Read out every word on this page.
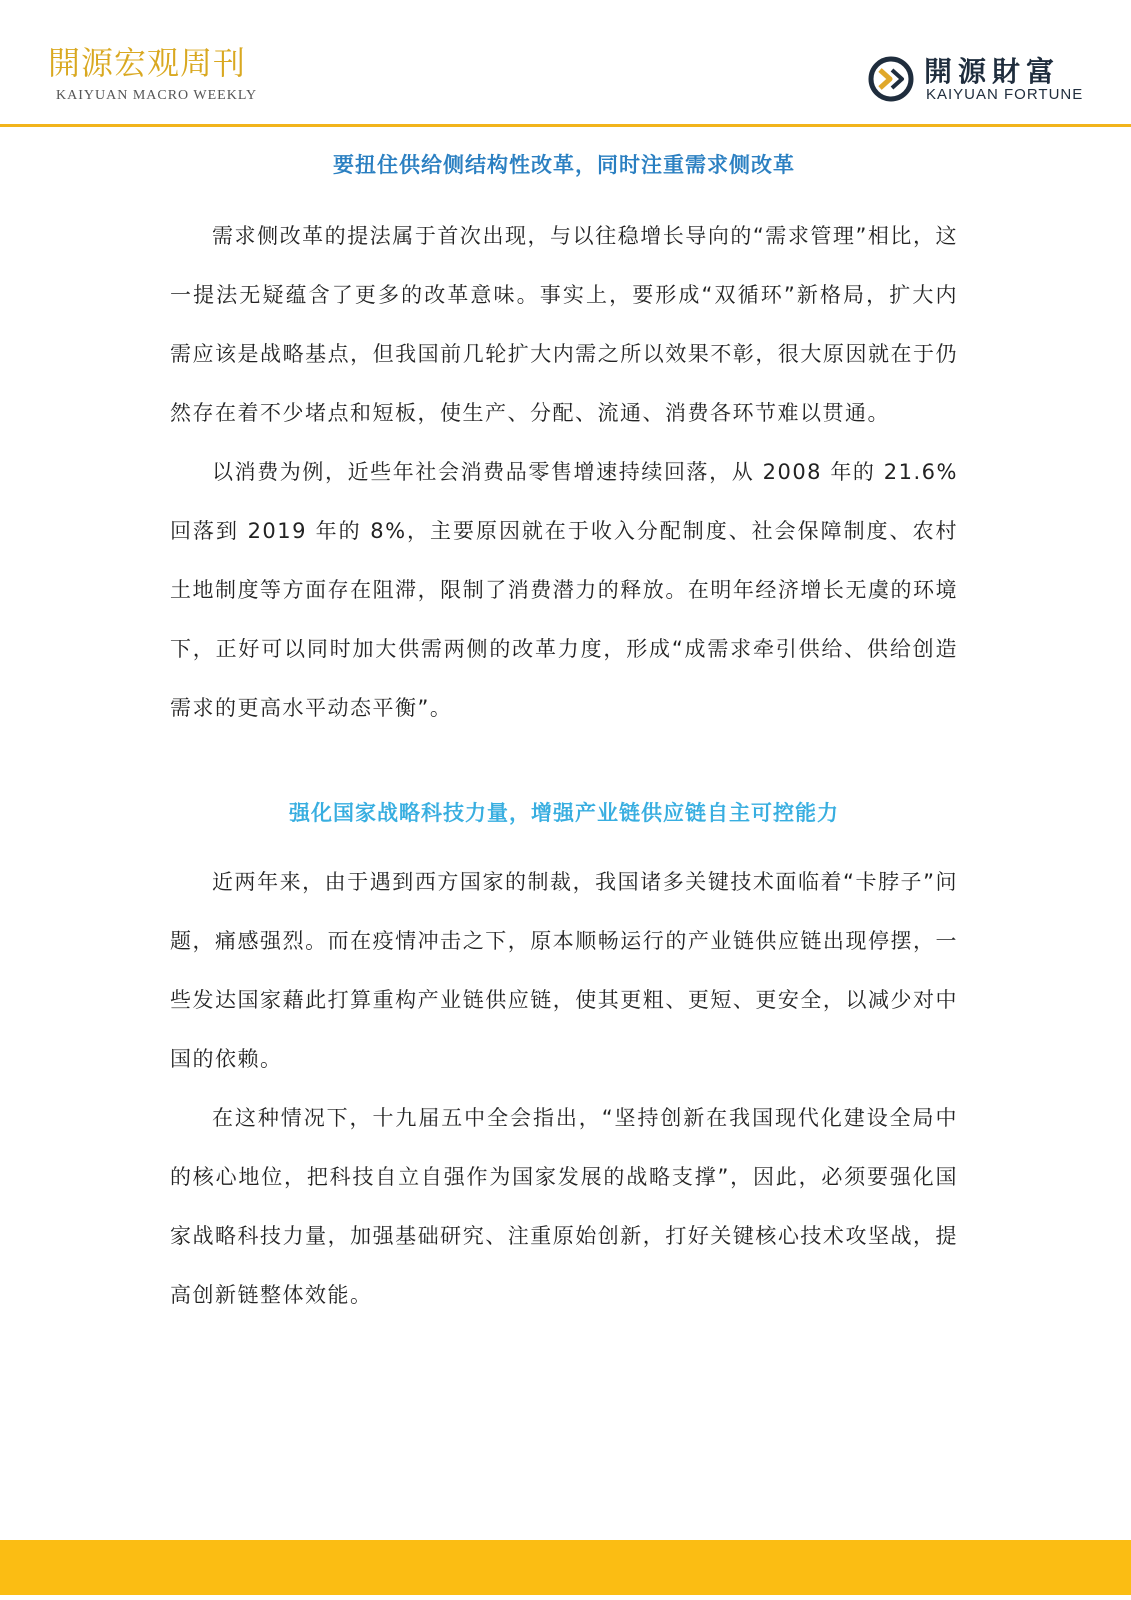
開源宏观周刊
KAIYUAN MACRO WEEKLY
開源財富
KAIYUAN FORTUNE
要扭住供给侧结构性改革，同时注重需求侧改革

需求侧改革的提法属于首次出现，与以往稳增长导向的“需求管理”相比，这一提法无疑蕴含了更多的改革意味。事实上，要形成“双循环”新格局，扩大内需应该是战略基点，但我国前几轮扩大内需之所以效果不彰，很大原因就在于仍然存在着不少堵点和短板，使生产、分配、流通、消费各环节难以贯通。

以消费为例，近些年社会消费品零售增速持续回落，从 2008 年的 21.6%回落到 2019 年的 8%，主要原因就在于收入分配制度、社会保障制度、农村土地制度等方面存在阻滞，限制了消费潜力的释放。在明年经济增长无虞的环境下，正好可以同时加大供需两侧的改革力度，形成“成需求牵引供给、供给创造需求的更高水平动态平衡”。

强化国家战略科技力量，增强产业链供应链自主可控能力

近两年来，由于遇到西方国家的制裁，我国诸多关键技术面临着“卡脖子”问题，痛感强烈。而在疫情冲击之下，原本顺畅运行的产业链供应链出现停摆，一些发达国家藉此打算重构产业链供应链，使其更粗、更短、更安全，以减少对中国的依赖。

在这种情况下，十九届五中全会指出，“坚持创新在我国现代化建设全局中的核心地位，把科技自立自强作为国家发展的战略支撑”，因此，必须要强化国家战略科技力量，加强基础研究、注重原始创新，打好关键核心技术攻坚战，提高创新链整体效能。
